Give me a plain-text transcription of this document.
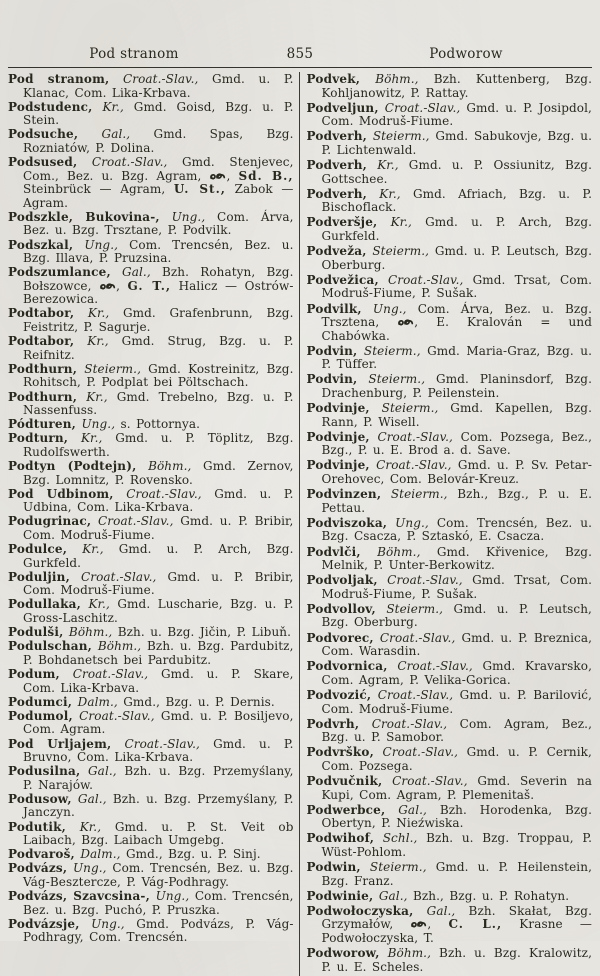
Pod stranom	855	Podworow

Pod stranom, Croat.-Slav., Gmd. u. P. Klanac, Com. Lika-Krbava.

Podstudenc, Kr., Gmd. Goisd, Bzg. u. P. Stein.

Podsuche, Gal., Gmd. Spas, Bzg. Rozniatów, P. Dolina.

Podsused, Croat.-Slav., Gmd. Stenjevec, Com., Bez. u. Bzg. Agram, , Sd. B., Steinbrück — Agram, U. St., Zabok — Agram.

Podszkle, Bukovina-, Ung., Com. Árva, Bez. u. Bzg. Trsztane, P. Podvilk.

Podszkal, Ung., Com. Trencsén, Bez. u. Bzg. Illava, P. Pruzsina.

Podszumlance, Gal., Bzh. Rohatyn, Bzg. Bołszowce, , G. T., Halicz — Ostrów-Berezowica.

Podtabor, Kr., Gmd. Grafenbrunn, Bzg. Feistritz, P. Sagurje.

Podtabor, Kr., Gmd. Strug, Bzg. u. P. Reifnitz.

Podthurn, Steierm., Gmd. Kostreinitz, Bzg. Rohitsch, P. Podplat bei Pöltschach.

Podthurn, Kr., Gmd. Trebelno, Bzg. u. P. Nassenfuss.

Pódturen, Ung., s. Pottornya.

Podturn, Kr., Gmd. u. P. Töplitz, Bzg. Rudolfswerth.

Podtyn (Podtejn), Böhm., Gmd. Zernov, Bzg. Lomnitz, P. Rovensko.

Pod Udbinom, Croat.-Slav., Gmd. u. P. Udbina, Com. Lika-Krbava.

Podugrinac, Croat.-Slav., Gmd. u. P. Bribir, Com. Modruš-Fiume.

Podulce, Kr., Gmd. u. P. Arch, Bzg. Gurkfeld.

Poduljin, Croat.-Slav., Gmd. u. P. Bribir, Com. Modruš-Fiume.

Podullaka, Kr., Gmd. Luscharie, Bzg. u. P. Gross-Laschitz.

Podulši, Böhm., Bzh. u. Bzg. Jičin, P. Libuň.

Podulschan, Böhm., Bzh. u. Bzg. Pardubitz, P. Bohdanetsch bei Pardubitz.

Podum, Croat.-Slav., Gmd. u. P. Skare, Com. Lika-Krbava.

Podumci, Dalm., Gmd., Bzg. u. P. Dernis.

Podumol, Croat.-Slav., Gmd. u. P. Bosiljevo, Com. Agram.

Pod Urljajem, Croat.-Slav., Gmd. u. P. Bruvno, Com. Lika-Krbava.

Podusilna, Gal., Bzh. u. Bzg. Przemyślany, P. Narajów.

Podusow, Gal., Bzh. u. Bzg. Przemyślany, P. Janczyn.

Podutik, Kr., Gmd. u. P. St. Veit ob Laibach, Bzg. Laibach Umgebg.

Podvaroš, Dalm., Gmd., Bzg. u. P. Sinj.

Podvázs, Ung., Com. Trencsén, Bez. u. Bzg. Vág-Besztercze, P. Vág-Podhragy.

Podvázs, Szavcsina-, Ung., Com. Trencsén, Bez. u. Bzg. Puchó, P. Pruszka.

Podvázsje, Ung., Gmd. Podvázs, P. Vág-Podhragy, Com. Trencsén.

Podvek, Böhm., Bzh. Kuttenberg, Bzg. Kohljanowitz, P. Rattay.

Podveljun, Croat.-Slav., Gmd. u. P. Josipdol, Com. Modruš-Fiume.

Podverh, Steierm., Gmd. Sabukovje, Bzg. u. P. Lichtenwald.

Podverh, Kr., Gmd. u. P. Ossiunitz, Bzg. Gottschee.

Podverh, Kr., Gmd. Afriach, Bzg. u. P. Bischoflack.

Podveršje, Kr., Gmd. u. P. Arch, Bzg. Gurkfeld.

Podveža, Steierm., Gmd. u. P. Leutsch, Bzg. Oberburg.

Podvežica, Croat.-Slav., Gmd. Trsat, Com. Modruš-Fiume, P. Sušak.

Podvilk, Ung., Com. Árva, Bez. u. Bzg. Trsztena,	, E. Kralován = und Chabówka.

Podvin, Steierm., Gmd. Maria-Graz, Bzg. u. P. Tüffer.

Podvin, Steierm., Gmd. Planinsdorf, Bzg. Drachenburg, P. Peilenstein.

Podvinje, Steierm., Gmd. Kapellen, Bzg. Rann, P. Wisell.

Podvinje, Croat.-Slav., Com. Pozsega, Bez., Bzg., P. u. E. Brod a. d. Save.

Podvinje, Croat.-Slav., Gmd. u. P. Sv. Petar-Orehovec, Com. Belovár-Kreuz.

Podvinzen, Steierm., Bzh., Bzg., P. u. E. Pettau.

Podviszoka, Ung., Com. Trencsén, Bez. u. Bzg. Csacza, P. Sztaskó, E. Csacza.

Podvlči, Böhm., Gmd. Křivenice, Bzg. Melnik, P. Unter-Berkowitz.

Podvoljak, Croat.-Slav., Gmd. Trsat, Com. Modruš-Fiume, P. Sušak.

Podvollov, Steierm., Gmd. u. P. Leutsch, Bzg. Oberburg.

Podvorec, Croat.-Slav., Gmd. u. P. Breznica, Com. Warasdin.

Podvornica, Croat.-Slav., Gmd. Kravarsko, Com. Agram, P. Velika-Gorica.

Podvozić, Croat.-Slav., Gmd. u. P. Barilović, Com. Modruš-Fiume.

Podvrh, Croat.-Slav., Com. Agram, Bez., Bzg. u. P. Samobor.

Podvrško, Croat.-Slav., Gmd. u. P. Cernik, Com. Pozsega.

Podvučnik, Croat.-Slav., Gmd. Severin na Kupi, Com. Agram, P. Plemenitaš.

Podwerbce, Gal., Bzh. Horodenka, Bzg. Obertyn, P. Nieźwiska.

Podwihof, Schl., Bzh. u. Bzg. Troppau, P. Wüst-Pohlom.

Podwin, Steierm., Gmd. u. P. Heilenstein, Bzg. Franz.

Podwinie, Gal., Bzh., Bzg. u. P. Rohatyn.

Podwołoczyska, Gal., Bzh. Skałat, Bzg. Grzymałów,	, C. L., Krasne — Podwołoczyska, T.

Podworow, Böhm., Bzh. u. Bzg. Kralowitz, P. u. E. Scheles.
